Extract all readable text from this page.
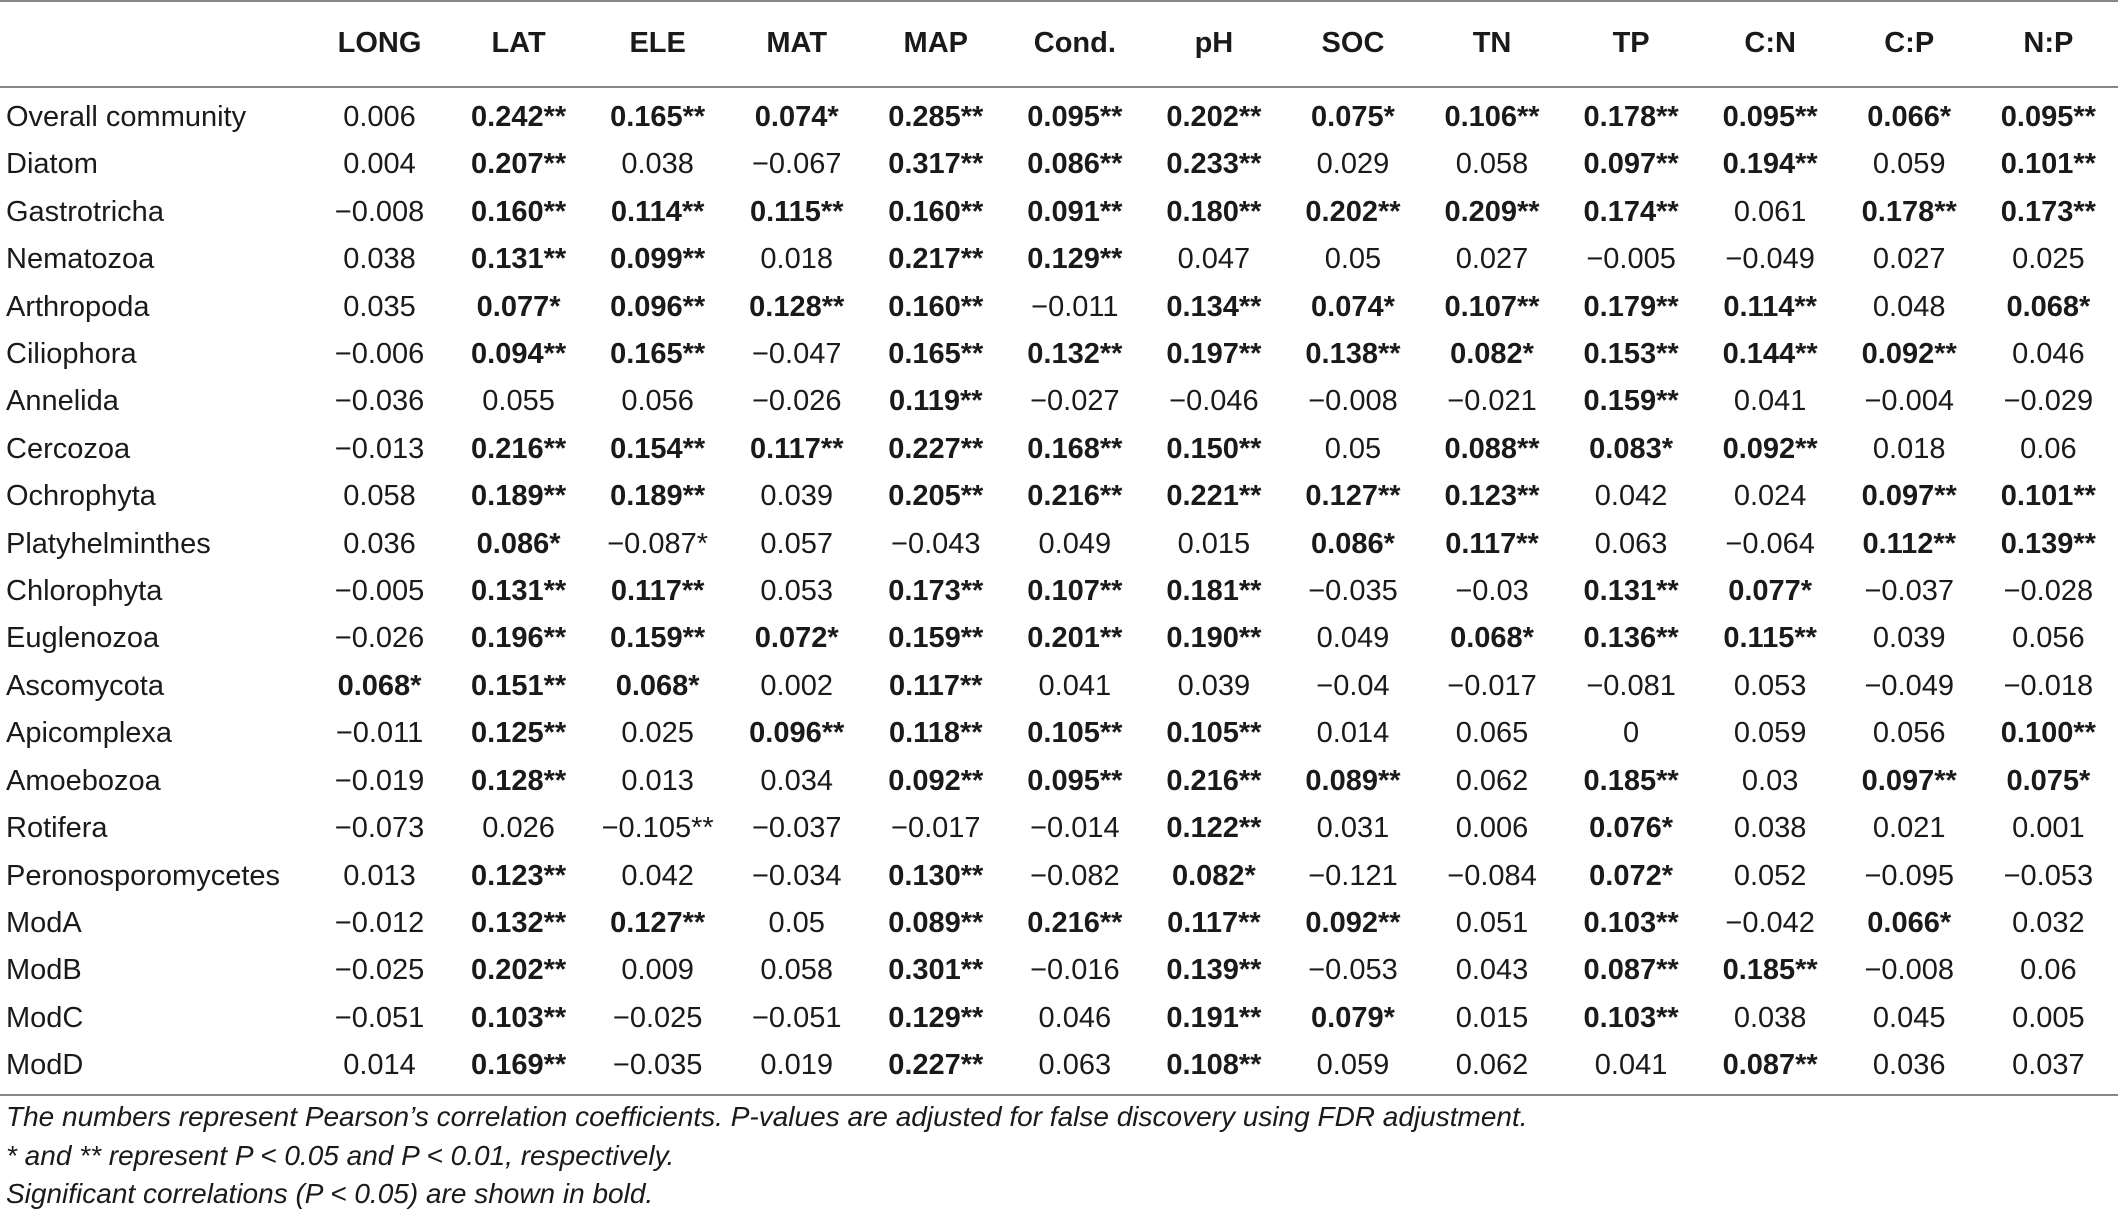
	LONG	LAT	ELE	MAT	MAP	Cond.	pH	SOC	TN	TP	C:N	C:P	N:P
Overall community	0.006	0.242**	0.165**	0.074*	0.285**	0.095**	0.202**	0.075*	0.106**	0.178**	0.095**	0.066*	0.095**
Diatom	0.004	0.207**	0.038	−0.067	0.317**	0.086**	0.233**	0.029	0.058	0.097**	0.194**	0.059	0.101**
Gastrotricha	−0.008	0.160**	0.114**	0.115**	0.160**	0.091**	0.180**	0.202**	0.209**	0.174**	0.061	0.178**	0.173**
Nematozoa	0.038	0.131**	0.099**	0.018	0.217**	0.129**	0.047	0.05	0.027	−0.005	−0.049	0.027	0.025
Arthropoda	0.035	0.077*	0.096**	0.128**	0.160**	−0.011	0.134**	0.074*	0.107**	0.179**	0.114**	0.048	0.068*
Ciliophora	−0.006	0.094**	0.165**	−0.047	0.165**	0.132**	0.197**	0.138**	0.082*	0.153**	0.144**	0.092**	0.046
Annelida	−0.036	0.055	0.056	−0.026	0.119**	−0.027	−0.046	−0.008	−0.021	0.159**	0.041	−0.004	−0.029
Cercozoa	−0.013	0.216**	0.154**	0.117**	0.227**	0.168**	0.150**	0.05	0.088**	0.083*	0.092**	0.018	0.06
Ochrophyta	0.058	0.189**	0.189**	0.039	0.205**	0.216**	0.221**	0.127**	0.123**	0.042	0.024	0.097**	0.101**
Platyhelminthes	0.036	0.086*	−0.087*	0.057	−0.043	0.049	0.015	0.086*	0.117**	0.063	−0.064	0.112**	0.139**
Chlorophyta	−0.005	0.131**	0.117**	0.053	0.173**	0.107**	0.181**	−0.035	−0.03	0.131**	0.077*	−0.037	−0.028
Euglenozoa	−0.026	0.196**	0.159**	0.072*	0.159**	0.201**	0.190**	0.049	0.068*	0.136**	0.115**	0.039	0.056
Ascomycota	0.068*	0.151**	0.068*	0.002	0.117**	0.041	0.039	−0.04	−0.017	−0.081	0.053	−0.049	−0.018
Apicomplexa	−0.011	0.125**	0.025	0.096**	0.118**	0.105**	0.105**	0.014	0.065	0	0.059	0.056	0.100**
Amoebozoa	−0.019	0.128**	0.013	0.034	0.092**	0.095**	0.216**	0.089**	0.062	0.185**	0.03	0.097**	0.075*
Rotifera	−0.073	0.026	−0.105**	−0.037	−0.017	−0.014	0.122**	0.031	0.006	0.076*	0.038	0.021	0.001
Peronosporomycetes	0.013	0.123**	0.042	−0.034	0.130**	−0.082	0.082*	−0.121	−0.084	0.072*	0.052	−0.095	−0.053
ModA	−0.012	0.132**	0.127**	0.05	0.089**	0.216**	0.117**	0.092**	0.051	0.103**	−0.042	0.066*	0.032
ModB	−0.025	0.202**	0.009	0.058	0.301**	−0.016	0.139**	−0.053	0.043	0.087**	0.185**	−0.008	0.06
ModC	−0.051	0.103**	−0.025	−0.051	0.129**	0.046	0.191**	0.079*	0.015	0.103**	0.038	0.045	0.005
ModD	0.014	0.169**	−0.035	0.019	0.227**	0.063	0.108**	0.059	0.062	0.041	0.087**	0.036	0.037

The numbers represent Pearson’s correlation coefficients. P-values are adjusted for false discovery using FDR adjustment.

* and ** represent P < 0.05 and P < 0.01, respectively.

Significant correlations (P < 0.05) are shown in bold.
